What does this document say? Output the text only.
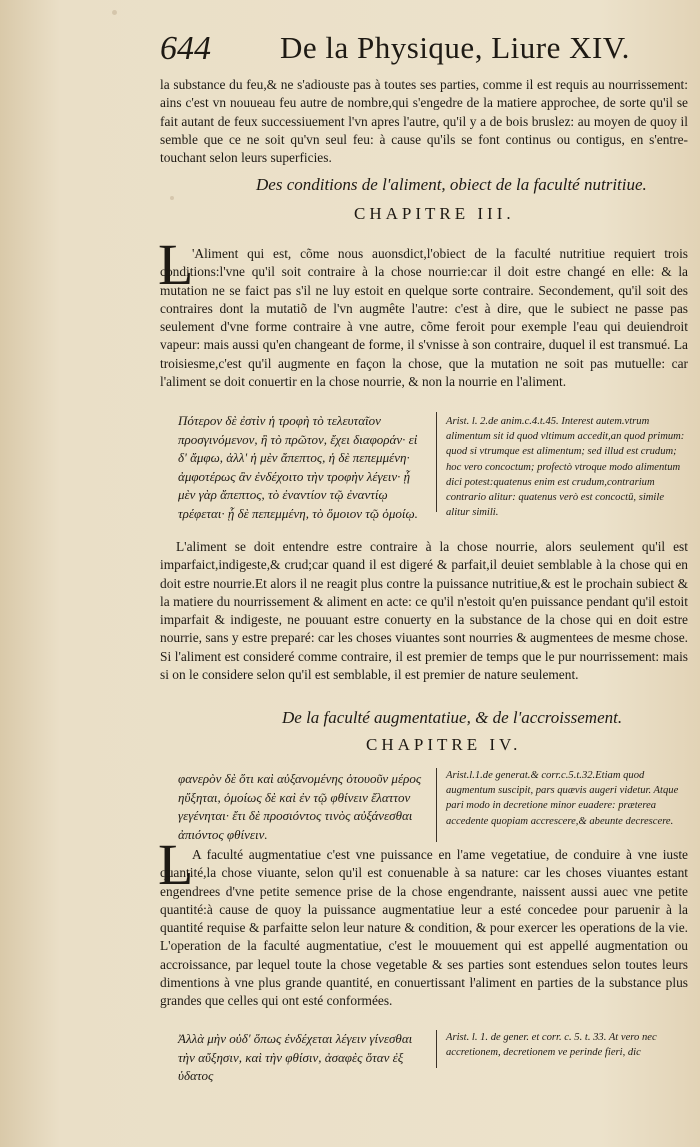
644 De la Physique, Liure XIV.
la substance du feu,& ne s'adiouste pas à toutes ses parties, comme il est requis au nourrissement: ains c'est vn nouueau feu autre de nombre,qui s'engedre de la matiere approchee, de sorte qu'il se fait autant de feux successiuement l'vn apres l'autre, qu'il y a de bois bruslez: au moyen de quoy il semble que ce ne soit qu'vn seul feu: à cause qu'ils se font continus ou contigus, en s'entre-touchant selon leurs superficies.
Des conditions de l'aliment, obiect de la faculté nutritiue.
CHAPITRE III.
L
'Aliment qui est, cõme nous auonsdict,l'obiect de la faculté nutritiue requiert trois conditions:l'vne qu'il soit contraire à la chose nourrie:car il doit estre changé en elle: & la mutation ne se faict pas s'il ne luy estoit en quelque sorte contraire. Secondement, qu'il soit des contraires dont la mutatiõ de l'vn augmête l'autre: c'est à dire, que le subiect ne passe pas seulement d'vne forme contraire à vne autre, cõme feroit pour exemple l'eau qui deuiendroit vapeur: mais aussi qu'en changeant de forme, il s'vnisse à son contraire, duquel il est transmué. La troisiesme,c'est qu'il augmente en façon la chose, que la mutation ne soit pas mutuelle: car l'aliment se doit conuertir en la chose nourrie, & non la nourrie en l'aliment.
Πότερον δὲ ἐστὶν ἡ τροφὴ τὸ τελευταῖον προσγινόμενον, ἢ τὸ πρῶτον, ἔχει διαφοράν· εἰ δ' ἄμφω, ἀλλ' ἡ μὲν ἄπεπτος, ἡ δὲ πεπεμμένη· ἀμφοτέρως ἂν ἐνδέχοιτο τὴν τροφὴν λέγειν· ᾗ μὲν γὰρ ἄπεπτος, τὸ ἐναντίον τῷ ἐναντίῳ τρέφεται· ᾗ δὲ πεπεμμένη, τὸ ὅμοιον τῷ ὁμοίῳ.
Arist. l. 2.de anim.c.4.t.45. Interest autem.vtrum alimentum sit id quod vltimum accedit,an quod primum: quod si vtrumque est alimentum; sed illud est crudum; hoc vero concoctum; profectò vtroque modo alimentum dici potest:quatenus enim est crudum,contrarium contrario alitur: quatenus verò est concoctū, simile alitur simili.
L'aliment se doit entendre estre contraire à la chose nourrie, alors seulement qu'il est imparfaict,indigeste,& crud;car quand il est digeré & parfait,il deuiet semblable à la chose qui en doit estre nourrie.Et alors il ne reagit plus contre la puissance nutritiue,& est le prochain subiect & la matiere du nourrissement & aliment en acte: ce qu'il n'estoit qu'en puissance pendant qu'il estoit imparfait & indigeste, ne pouuant estre conuerty en la substance de la chose qui en doit estre nourrie, sans y estre preparé: car les choses viuantes sont nourries & augmentees de mesme chose. Si l'aliment est consideré comme contraire, il est premier de temps que le pur nourrissement: mais si on le considere selon qu'il est semblable, il est premier de nature seulement.
De la faculté augmentatiue, & de l'accroissement.
CHAPITRE IV.
φανερὸν δὲ ὅτι καὶ αὐξανομένης ὁτουοῦν μέρος ηὔξηται, ὁμοίως δὲ καὶ ἐν τῷ φθίνειν ἔλαττον γεγένηται· ἔτι δὲ προσιόντος τινὸς αὐξάνεσθαι ἀπιόντος φθίνειν.
Arist.l.1.de generat.& corr.c.5.t.32.Etiam quod augmentum suscipit, pars quævis augeri videtur. Atque pari modo in decretione minor euadere: præterea accedente quopiam accrescere,& abeunte decrescere.
L
A faculté augmentatiue c'est vne puissance en l'ame vegetatiue, de conduire à vne iuste quantité,la chose viuante, selon qu'il est conuenable à sa nature: car les choses viuantes estant engendrees d'vne petite semence prise de la chose engendrante, naissent aussi auec vne petite quantité:à cause de quoy la puissance augmentatiue leur a esté concedee pour paruenir à la quantité requise & parfaitte selon leur nature & condition, & pour exercer les operations de la vie. L'operation de la faculté augmentatiue, c'est le mouuement qui est appellé augmentation ou accroissance, par lequel toute la chose vegetable & ses parties sont estendues selon toutes leurs dimentions à vne plus grande quantité, en conuertissant l'aliment en parties de la substance plus grandes que celles qui ont esté conformées.
Ἀλλὰ μὴν οὐδ' ὅπως ἐνδέχεται λέγειν γίνεσθαι τὴν αὔξησιν, καὶ τὴν φθίσιν, ἀσαφὲς ὅταν ἐξ ὑδατος
Arist. l. 1. de gener. et corr. c. 5. t. 33. At vero nec accretionem, decretionem ve perinde fieri, dic
